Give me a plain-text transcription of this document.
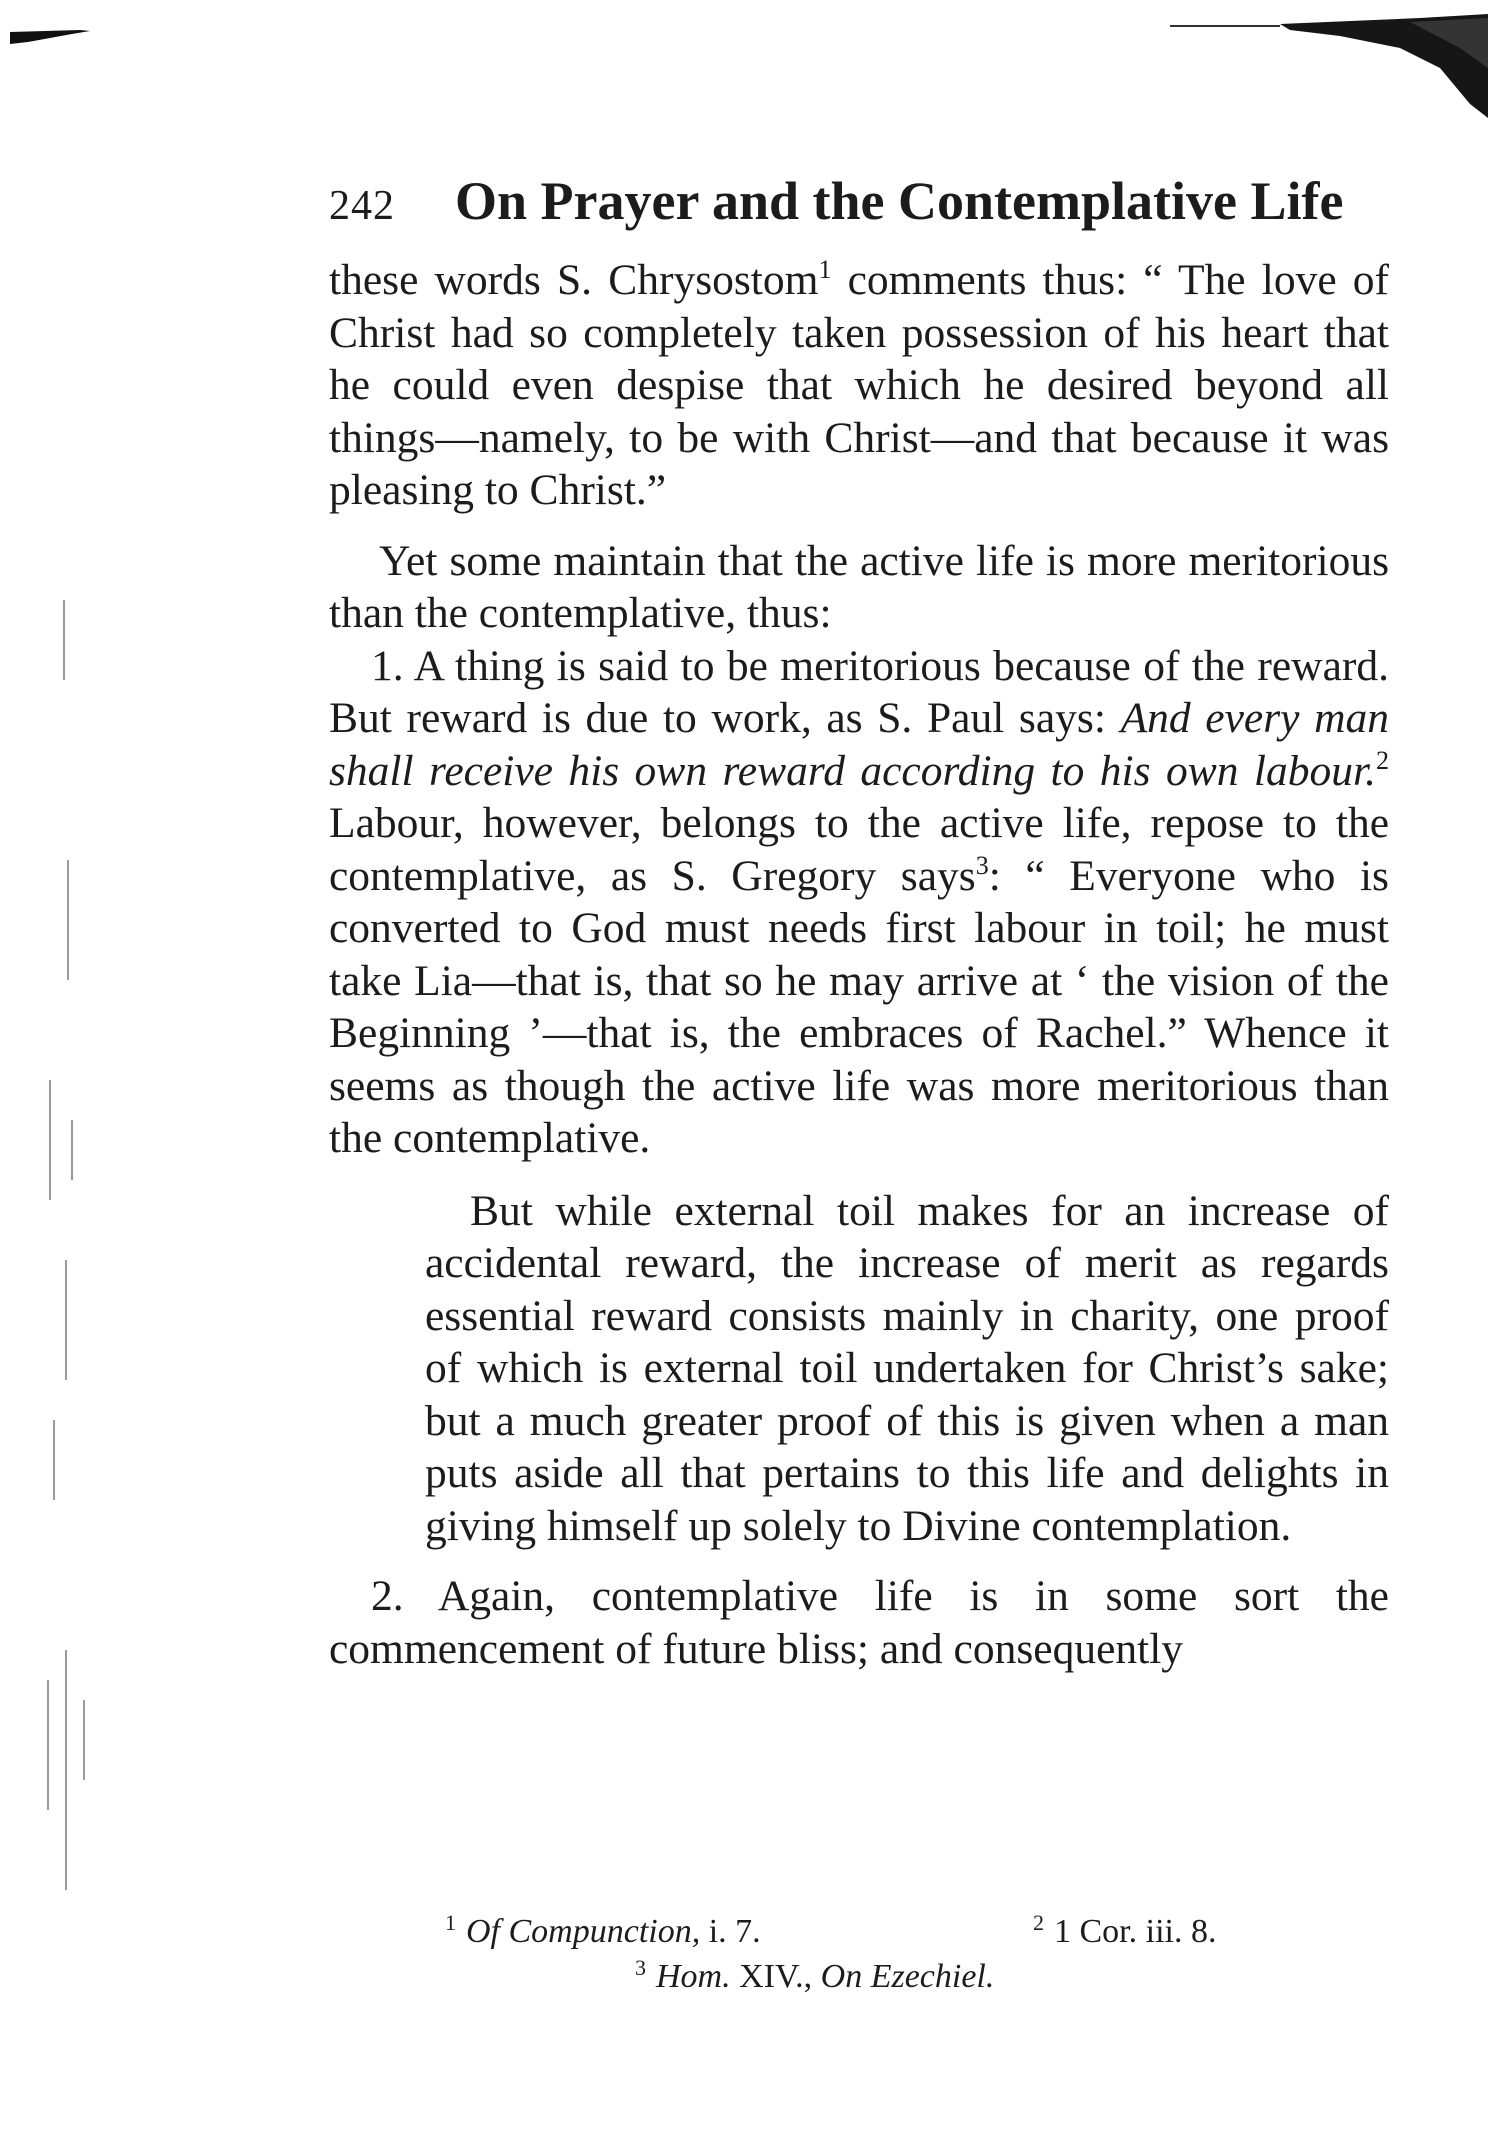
242 On Prayer and the Contemplative Life

these words S. Chrysostom$^1$ comments thus: “ The love of Christ had so completely taken possession of his heart that he could even despise that which he desired beyond all things—namely, to be with Christ—and that because it was pleasing to Christ.”

Yet some maintain that the active life is more meritorious than the contemplative, thus:

1. A thing is said to be meritorious because of the reward. But reward is due to work, as S. Paul says: And every man shall receive his own reward according to his own labour.$^2$ Labour, however, belongs to the active life, repose to the contemplative, as S. Gregory says$^3$: “ Everyone who is converted to God must needs first labour in toil; he must take Lia—that is, that so he may arrive at ‘ the vision of the Beginning ’—that is, the embraces of Rachel.” Whence it seems as though the active life was more meritorious than the contemplative.

But while external toil makes for an increase of accidental reward, the increase of merit as regards essential reward consists mainly in charity, one proof of which is external toil undertaken for Christ’s sake; but a much greater proof of this is given when a man puts aside all that pertains to this life and delights in giving himself up solely to Divine contemplation.

2. Again, contemplative life is in some sort the commencement of future bliss; and consequently

$^1$ Of Compunction, i. 7.	$^2$ 1 Cor. iii. 8.
$^3$ Hom. XIV., On Ezechiel.
